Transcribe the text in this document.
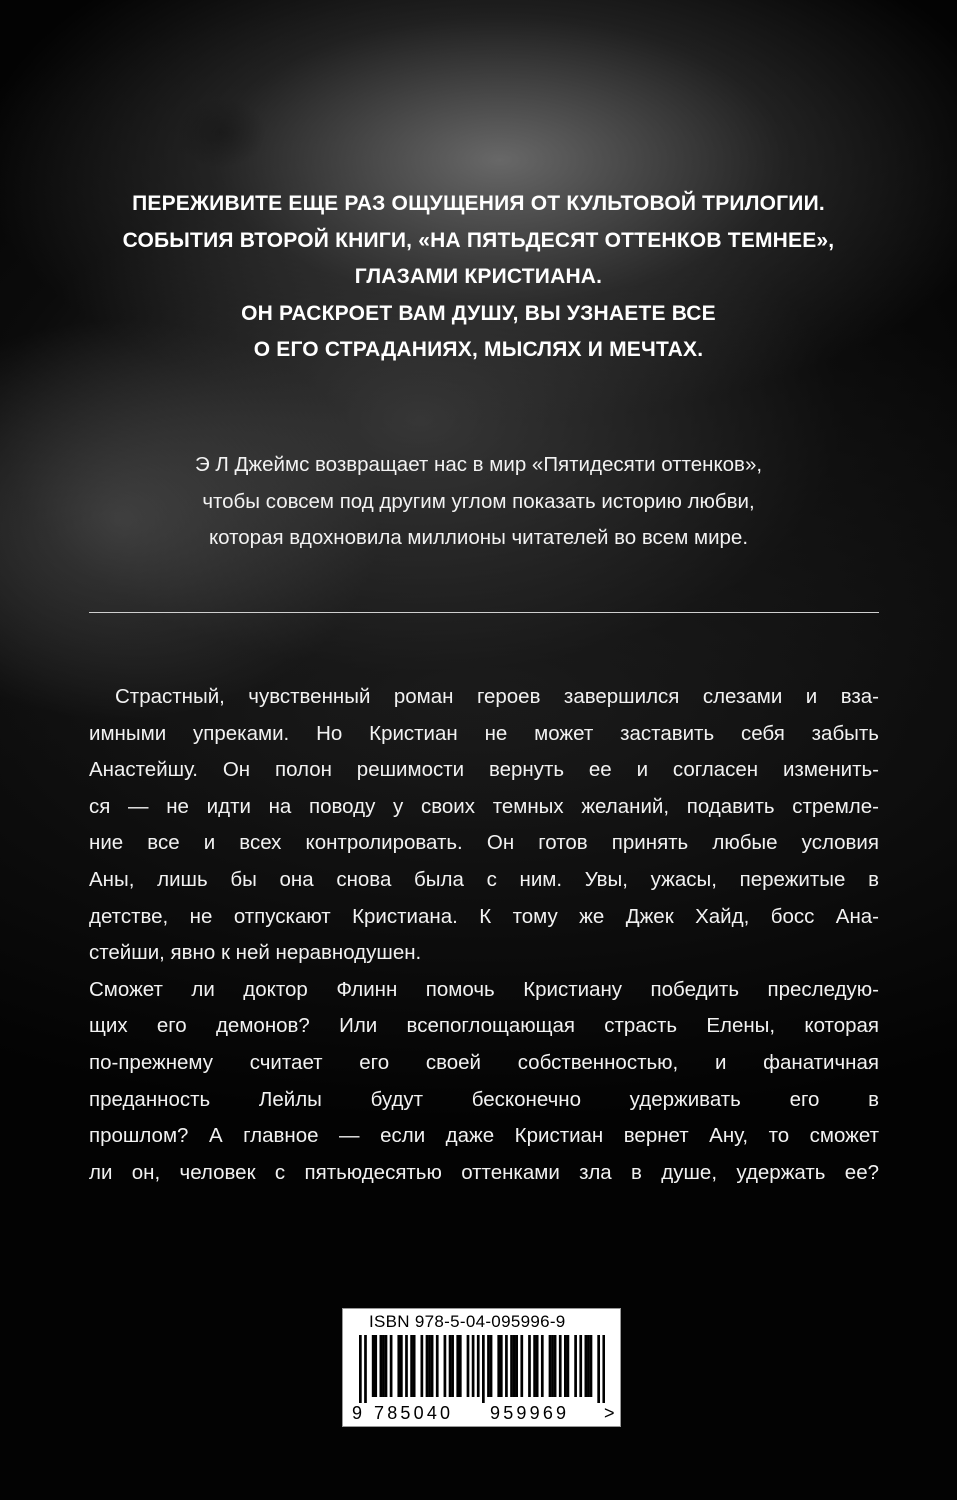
ПЕРЕЖИВИТЕ ЕЩЕ РАЗ ОЩУЩЕНИЯ ОТ КУЛЬТОВОЙ ТРИЛОГИИ.

СОБЫТИЯ ВТОРОЙ КНИГИ, «НА ПЯТЬДЕСЯТ ОТТЕНКОВ ТЕМНЕЕ»,

ГЛАЗАМИ КРИСТИАНА.

ОН РАСКРОЕТ ВАМ ДУШУ, ВЫ УЗНАЕТЕ ВСЕ

О ЕГО СТРАДАНИЯХ, МЫСЛЯХ И МЕЧТАХ.

Э Л Джеймс возвращает нас в мир «Пятидесяти оттенков»,

чтобы совсем под другим углом показать историю любви,

которая вдохновила миллионы читателей во всем мире.

Страстный, чувственный роман героев завершился слезами и вза-

имными упреками. Но Кристиан не может заставить себя забыть

Анастейшу. Он полон решимости вернуть ее и согласен изменить-

ся — не идти на поводу у своих темных желаний, подавить стремле-

ние все и всех контролировать. Он готов принять любые условия

Аны, лишь бы она снова была с ним. Увы, ужасы, пережитые в

детстве, не отпускают Кристиана. К тому же Джек Хайд, босс Ана-

стейши, явно к ней неравнодушен.

Сможет ли доктор Флинн помочь Кристиану победить преследую-

щих его демонов? Или всепоглощающая страсть Елены, которая

по-прежнему считает его своей собственностью, и фанатичная

преданность Лейлы будут бесконечно удерживать его в

прошлом? А главное — если даже Кристиан вернет Ану, то сможет

ли он, человек с пятьюдесятью оттенками зла в душе, удержать ее?

ISBN 978-5-04-095996-9
9 785040 959969 >
